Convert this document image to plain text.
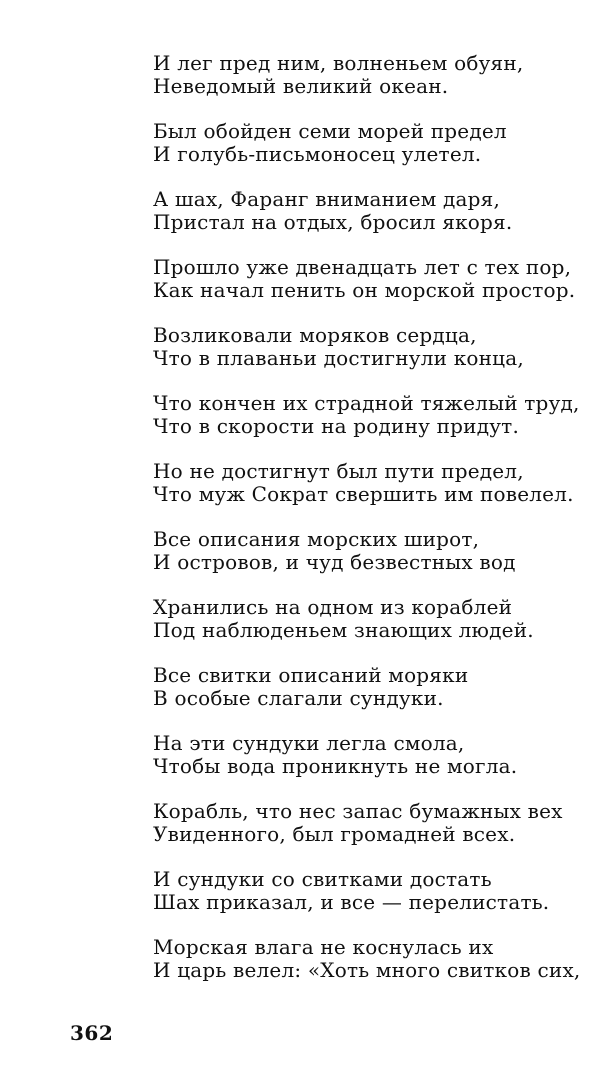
И лег пред ним, волненьем обуян,
Неведомый великий океан.
Был обойден семи морей предел
И голубь-письмоносец улетел.
А шах, Фаранг вниманием даря,
Пристал на отдых, бросил якоря.
Прошло уже двенадцать лет с тех пор,
Как начал пенить он морской простор.
Возликовали моряков сердца,
Что в плаваньи достигнули конца,
Что кончен их страдной тяжелый труд,
Что в скорости на родину придут.
Но не достигнут был пути предел,
Что муж Сократ свершить им повелел.
Все описания морских широт,
И островов, и чуд безвестных вод
Хранились на одном из кораблей
Под наблюденьем знающих людей.
Все свитки описаний моряки
В особые слагали сундуки.
На эти сундуки легла смола,
Чтобы вода проникнуть не могла.
Корабль, что нес запас бумажных вех
Увиденного, был громадней всех.
И сундуки со свитками достать
Шах приказал, и все — перелистать.
Морская влага не коснулась их
И царь велел: «Хоть много свитков сих,
362
